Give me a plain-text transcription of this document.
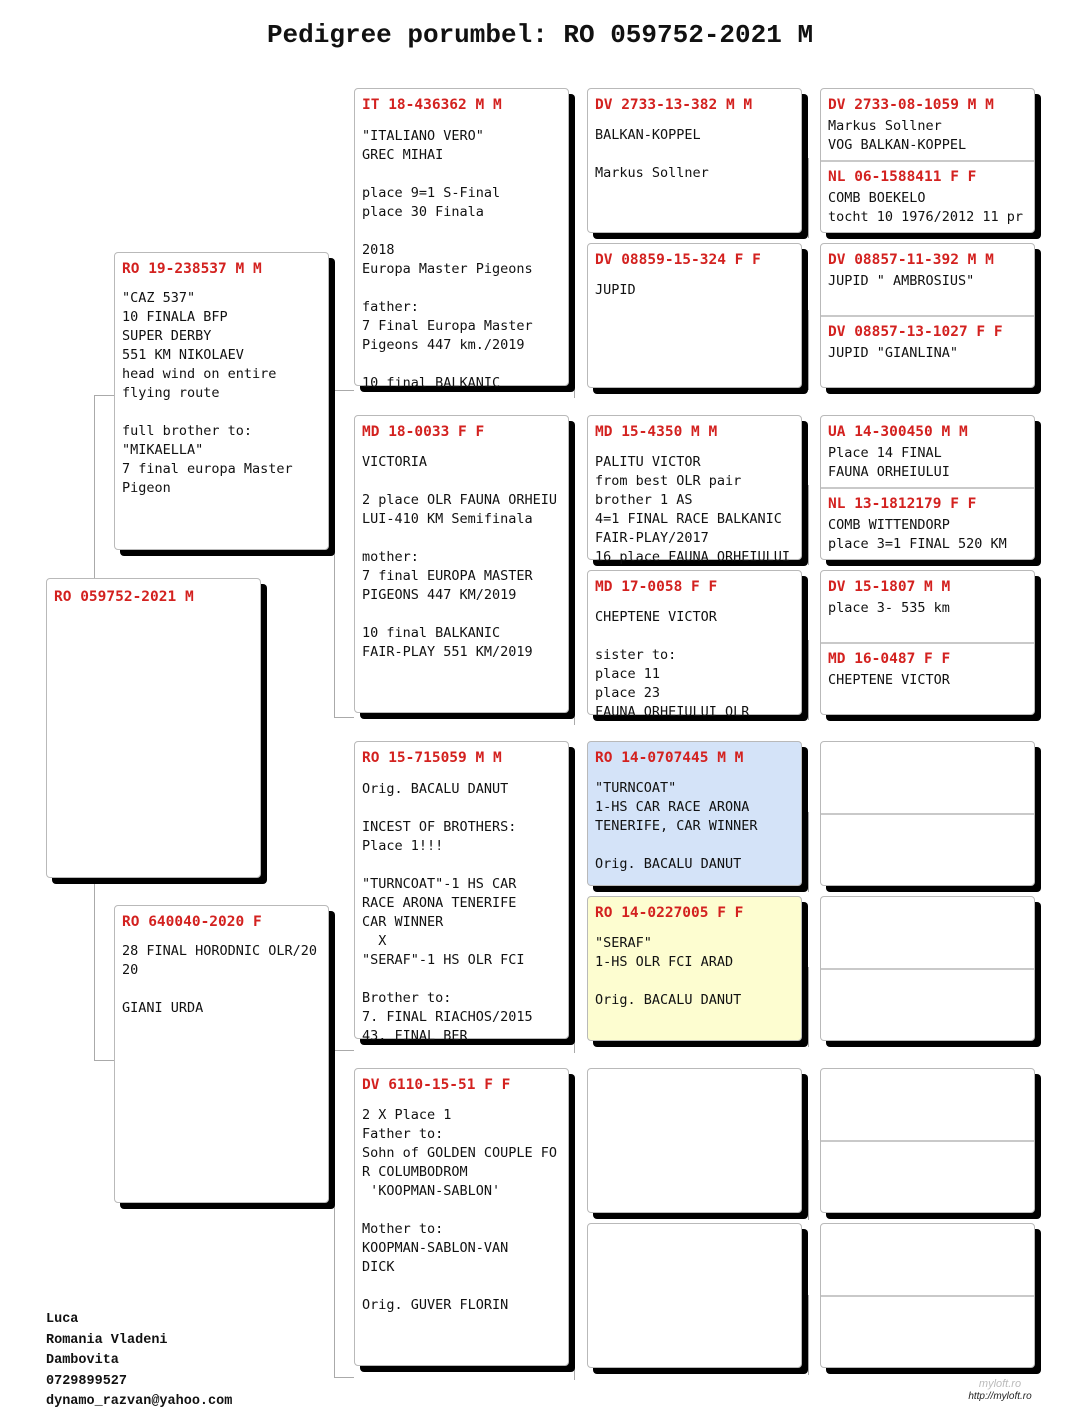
Pedigree porumbel: RO 059752-2021 M
RO 059752-2021 M
RO 19-238537 M M
"CAZ 537"
10 FINALA BFP
SUPER DERBY
551 KM NIKOLAEV
head wind on entire
flying route

full brother to:
"MIKAELLA"
7 final europa Master
Pigeon
RO 640040-2020 F
28 FINAL HORODNIC OLR/20
20

GIANI URDA
IT 18-436362 M M
"ITALIANO VERO"
GREC MIHAI

place 9=1 S-Final
place 30 Finala

2018
Europa Master Pigeons

father:
7 Final Europa Master
Pigeons 447 km./2019

10 final BALKANIC
MD 18-0033 F F
VICTORIA

2 place OLR FAUNA ORHEIU
LUI-410 KM Semifinala

mother:
7 final EUROPA MASTER
PIGEONS 447 KM/2019

10 final BALKANIC
FAIR-PLAY 551 KM/2019
RO 15-715059 M M
Orig. BACALU DANUT

INCEST OF BROTHERS:
Place 1!!!

"TURNCOAT"-1 HS CAR
RACE ARONA TENERIFE
CAR WINNER
X
"SERAF"-1 HS OLR FCI

Brother to:
7. FINAL RIACHOS/2015
43. FINAL BER
DV 6110-15-51 F F
2 X Place 1
Father to:
Sohn of GOLDEN COUPLE FO
R COLUMBODROM
'KOOPMAN-SABLON'

Mother to:
KOOPMAN-SABLON-VAN
DICK

Orig. GUVER FLORIN
DV 2733-13-382 M M
BALKAN-KOPPEL

Markus Sollner
DV 08859-15-324 F F
JUPID
MD 15-4350 M M
PALITU VICTOR
from best OLR pair
brother 1 AS
4=1 FINAL RACE BALKANIC
FAIR-PLAY/2017
16 place FAUNA ORHEIULUI
MD 17-0058 F F
CHEPTENE VICTOR

sister to:
place 11
place 23
FAUNA ORHEIULUI OLR
RO 14-0707445 M M
"TURNCOAT"
1-HS CAR RACE ARONA
TENERIFE, CAR WINNER

Orig. BACALU DANUT
RO 14-0227005 F F
"SERAF"
1-HS OLR FCI ARAD

Orig. BACALU DANUT
DV 2733-08-1059 M M
Markus Sollner
VOG BALKAN-KOPPEL
NL 06-1588411 F F
COMB BOEKELO
tocht 10 1976/2012 11 pr
DV 08857-11-392 M M
JUPID " AMBROSIUS"
DV 08857-13-1027 F F
JUPID "GIANLINA"
UA 14-300450 M M
Place 14 FINAL
FAUNA ORHEIULUI
NL 13-1812179 F F
COMB WITTENDORP
place 3=1 FINAL 520 KM
DV 15-1807 M M
place 3- 535 km
MD 16-0487 F F
CHEPTENE VICTOR
Luca
Romania Vladeni
Dambovita
0729899527
dynamo_razvan@yahoo.com
myloft.ro
http://myloft.ro
